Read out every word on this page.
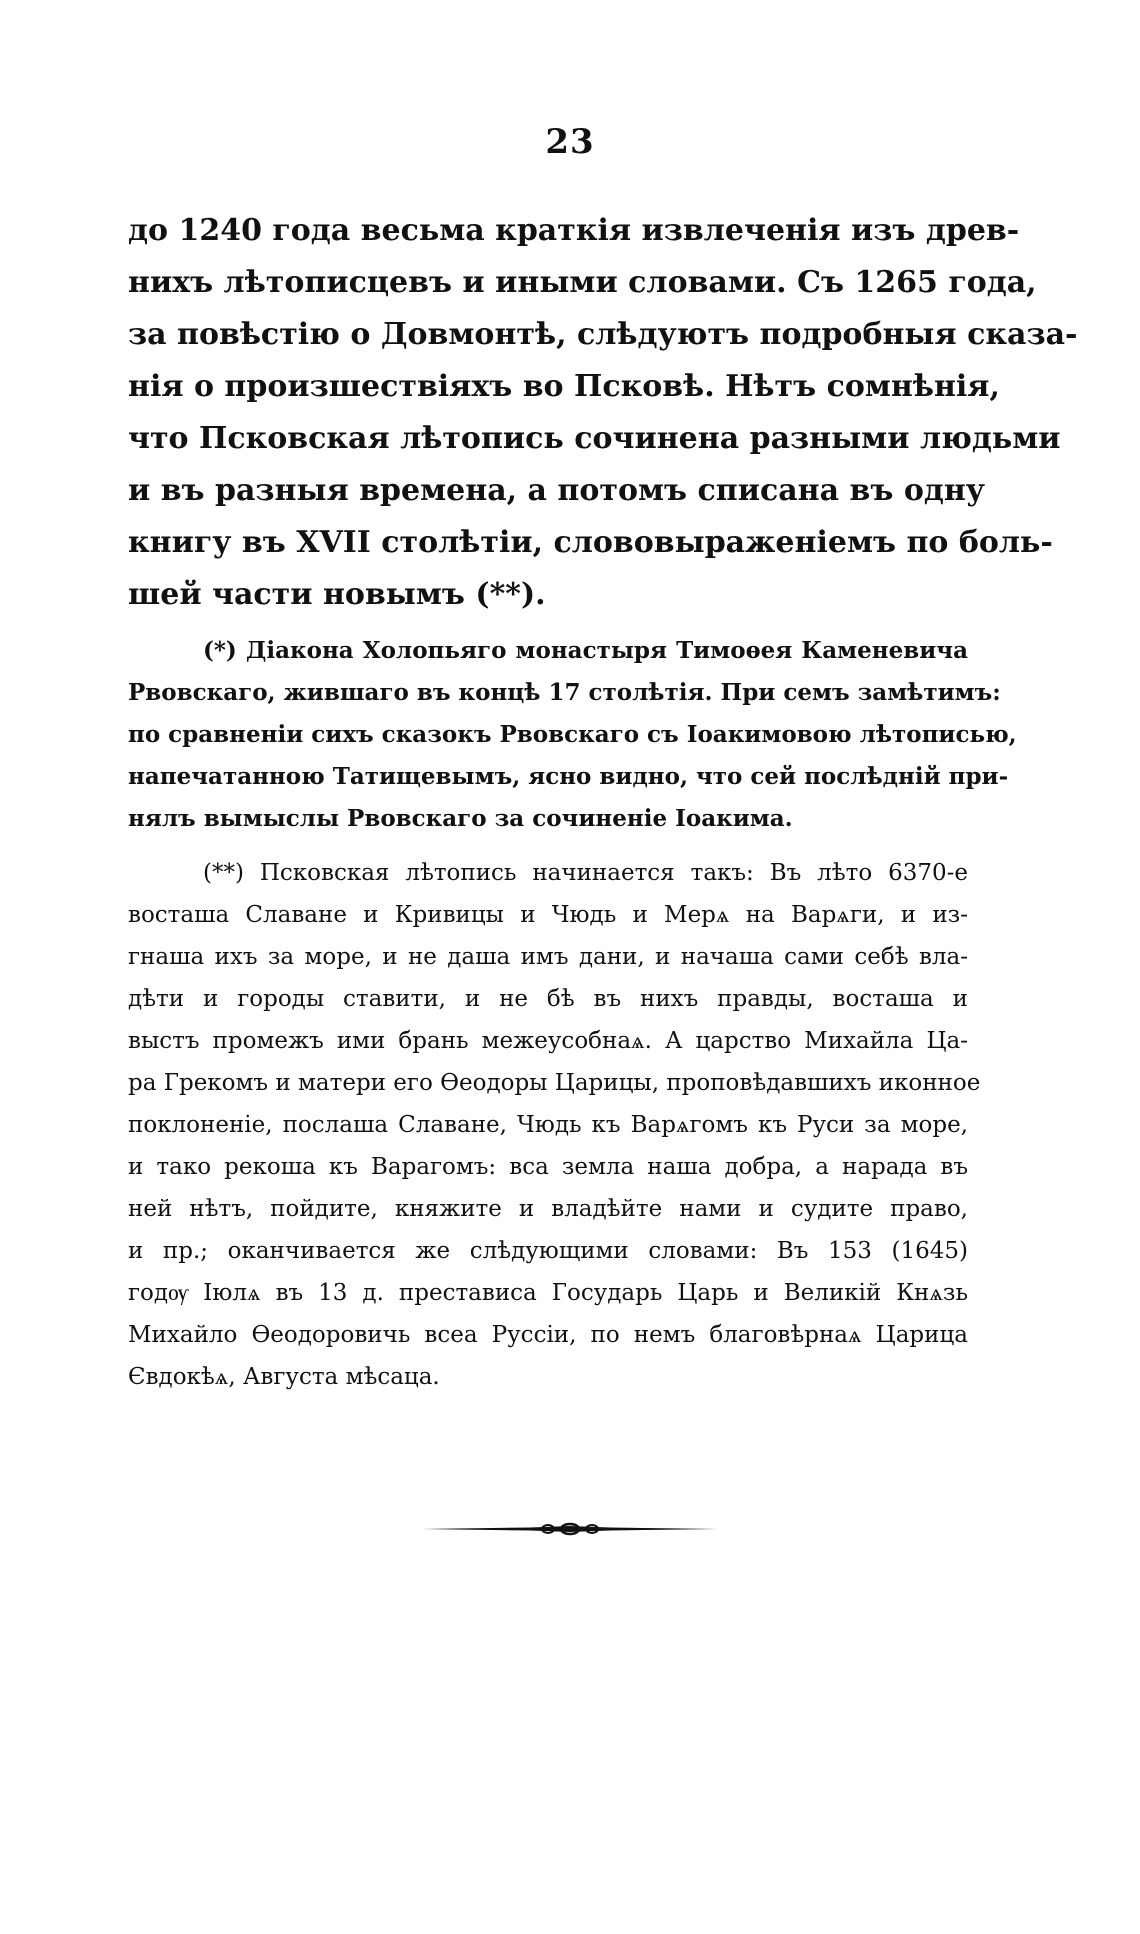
23
до 1240 года весьма краткія извлеченія изъ древ-
нихъ лѣтописцевъ и иными словами. Съ 1265 года,
за повѣстію о Довмонтѣ, слѣдуютъ подробныя сказа-
нія о произшествіяхъ во Псковѣ. Нѣтъ сомнѣнія,
что Псковская лѣтопись сочинена разными людьми
и въ разныя времена, а потомъ списана въ одну
книгу въ XVII столѣтіи, слововыраженіемъ по боль-
шей части новымъ (**).
(*) Діакона Холопьяго монастыря Тимоѳея Каменевича
Рвовскаго, жившаго въ концѣ 17 столѣтія. При семъ замѣтимъ:
по сравненіи сихъ сказокъ Рвовскаго съ Іоакимовою лѣтописью,
напечатанною Татищевымъ, ясно видно, что сей послѣдній при-
нялъ вымыслы Рвовскаго за сочиненіе Іоакима.
(**) Псковская лѣтопись начинается такъ: Въ лѣто 6370-е
восташа Славане и Кривицы и Чюдь и Мерѧ на Варѧги, и из-
гнаша ихъ за море, и не даша имъ дани, и начаша сами себѣ вла-
дѣти и городы ставити, и не бѣ въ нихъ правды, восташа и
выстъ промежъ ими брань межеусобнаѧ. А царство Михайла Ца-
ра Грекомъ и матери его Ѳеодоры Царицы, проповѣдавшихъ иконное
поклоненіе, послаша Славане, Чюдь къ Варѧгомъ къ Руси за море,
и тако рекоша къ Варагомъ: вса земла наша добра, а нарада въ
ней нѣтъ, пойдите, княжите и владѣйте нами и судите право,
и пр.; оканчивается же слѣдующими словами: Въ 153 (1645)
годѹ Іюлѧ въ 13 д. престависа Государь Царь и Великій Кнѧзь
Михайло Ѳеодоровичь всеа Руссіи, по немъ благовѣрнаѧ Царица
Євдокѣѧ, Августа мѣсаца.
